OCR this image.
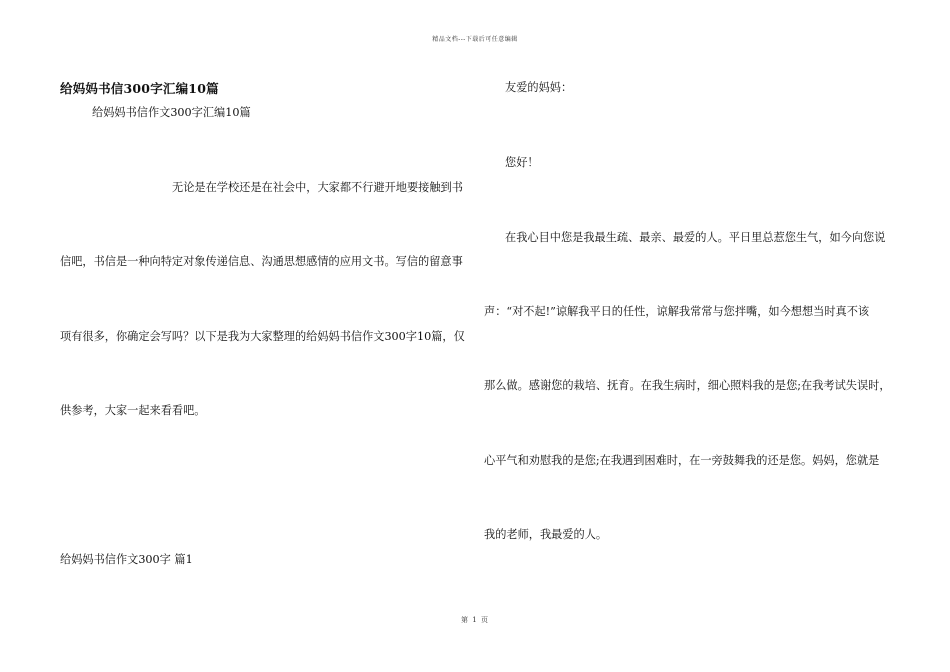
精品文档---下载后可任意编辑
给妈妈书信300字汇编10篇
给妈妈书信作文300字汇编10篇
无论是在学校还是在社会中，大家都不行避开地要接触到书
信吧，书信是一种向特定对象传递信息、沟通思想感情的应用文书。写信的留意事
项有很多，你确定会写吗？以下是我为大家整理的给妈妈书信作文300字10篇，仅
供参考，大家一起来看看吧。
给妈妈书信作文300字 篇1
友爱的妈妈：
您好！
在我心目中您是我最生疏、最亲、最爱的人。平日里总惹您生气，如今向您说
声：“对不起!”谅解我平日的任性，谅解我常常与您拌嘴，如今想想当时真不该
那么做。感谢您的栽培、抚育。在我生病时，细心照料我的是您;在我考试失误时，
心平气和劝慰我的是您;在我遇到困难时，在一旁鼓舞我的还是您。妈妈，您就是
我的老师，我最爱的人。
第 1 页
